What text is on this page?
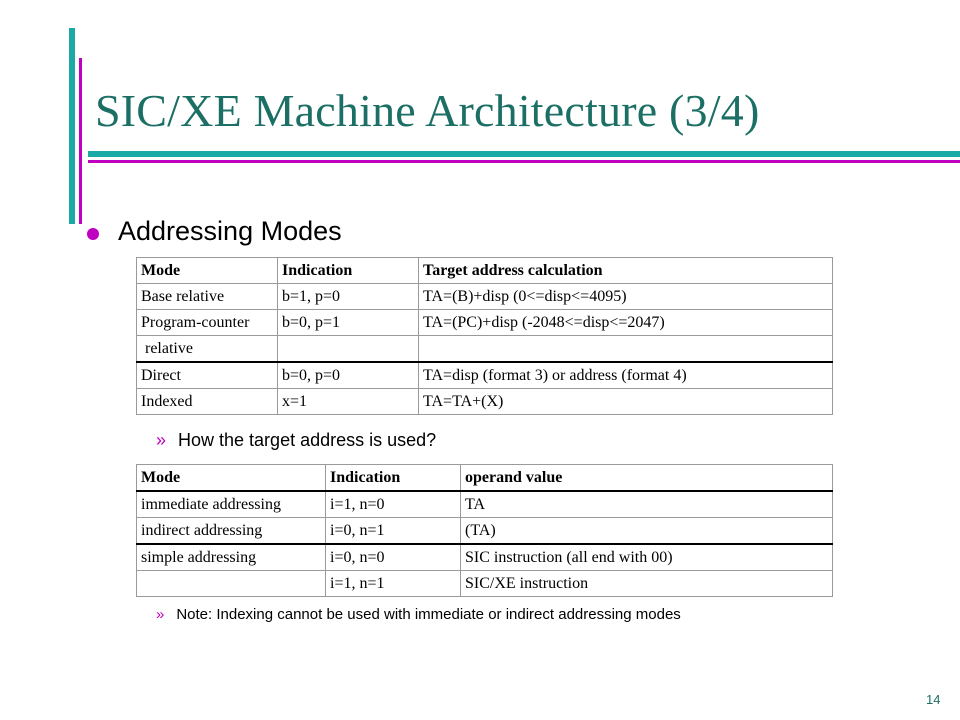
SIC/XE Machine Architecture (3/4)
Addressing Modes
Mode	Indication	Target address calculation
Base relative	b=1, p=0	TA=(B)+disp (0<=disp<=4095)
Program-counter	b=0, p=1	TA=(PC)+disp (-2048<=disp<=2047)
relative		
Direct	b=0, p=0	TA=disp (format 3) or address (format 4)
Indexed	x=1	TA=TA+(X)
» How the target address is used?
Mode	Indication	operand value
immediate addressing	i=1, n=0	TA
indirect addressing	i=0, n=1	(TA)
simple addressing	i=0, n=0	SIC instruction (all end with 00)
	i=1, n=1	SIC/XE instruction
» Note: Indexing cannot be used with immediate or indirect addressing modes
14
